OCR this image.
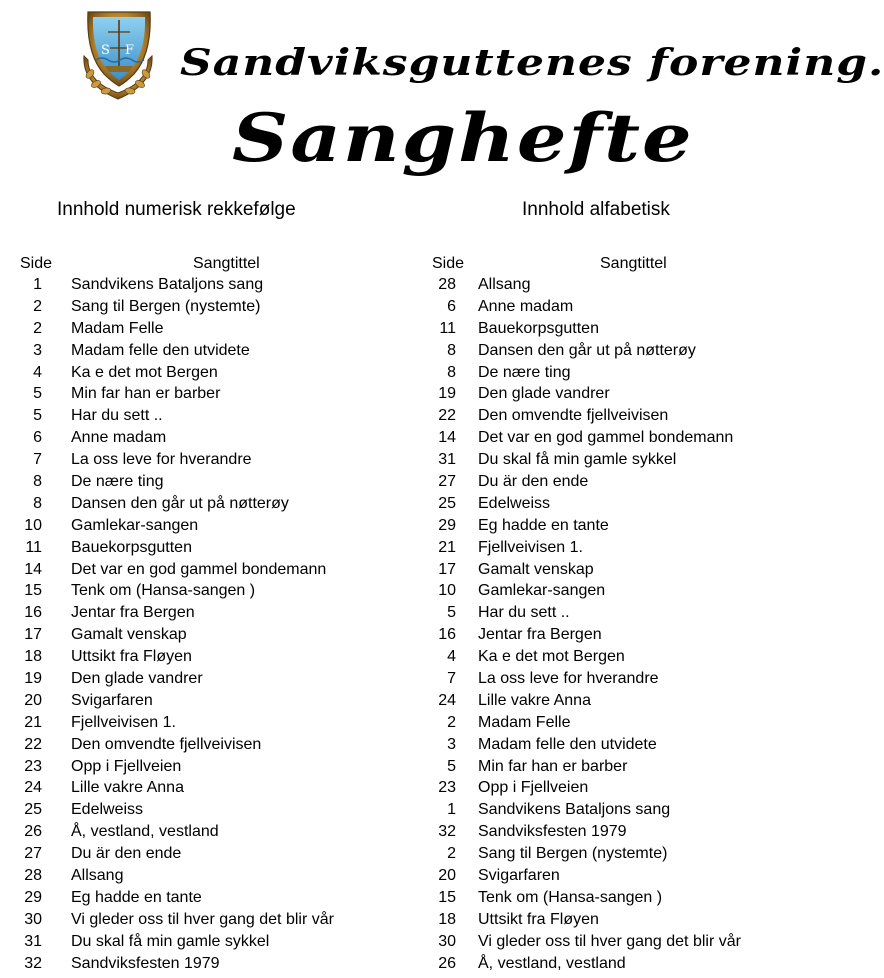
S F Sandviksguttenes forening.
Sanghefte
Innhold numerisk rekkefølge	Innhold alfabetisk
Side	Sangtittel	Side	Sangtittel
1 Sandvikens Bataljons sang
2 Sang til Bergen (nystemte)
2 Madam Felle
3 Madam felle den utvidete
4 Ka e det mot Bergen
5 Min far han er barber
5 Har du sett ..
6 Anne madam
7 La oss leve for hverandre
8 De nære ting
8 Dansen den går ut på nøtterøy
10 Gamlekar-sangen
11 Bauekorpsgutten
14 Det var en god gammel bondemann
15 Tenk om (Hansa-sangen )
16 Jentar fra Bergen
17 Gamalt venskap
18 Uttsikt fra Fløyen
19 Den glade vandrer
20 Svigarfaren
21 Fjellveivisen 1.
22 Den omvendte fjellveivisen
23 Opp i Fjellveien
24 Lille vakre Anna
25 Edelweiss
26 Å, vestland, vestland
27 Du är den ende
28 Allsang
29 Eg hadde en tante
30 Vi gleder oss til hver gang det blir vår
31 Du skal få min gamle sykkel
32 Sandviksfesten 1979
28 Allsang
6 Anne madam
11 Bauekorpsgutten
8 Dansen den går ut på nøtterøy
8 De nære ting
19 Den glade vandrer
22 Den omvendte fjellveivisen
14 Det var en god gammel bondemann
31 Du skal få min gamle sykkel
27 Du är den ende
25 Edelweiss
29 Eg hadde en tante
21 Fjellveivisen 1.
17 Gamalt venskap
10 Gamlekar-sangen
5 Har du sett ..
16 Jentar fra Bergen
4 Ka e det mot Bergen
7 La oss leve for hverandre
24 Lille vakre Anna
2 Madam Felle
3 Madam felle den utvidete
5 Min far han er barber
23 Opp i Fjellveien
1 Sandvikens Bataljons sang
32 Sandviksfesten 1979
2 Sang til Bergen (nystemte)
20 Svigarfaren
15 Tenk om (Hansa-sangen )
18 Uttsikt fra Fløyen
30 Vi gleder oss til hver gang det blir vår
26 Å, vestland, vestland
